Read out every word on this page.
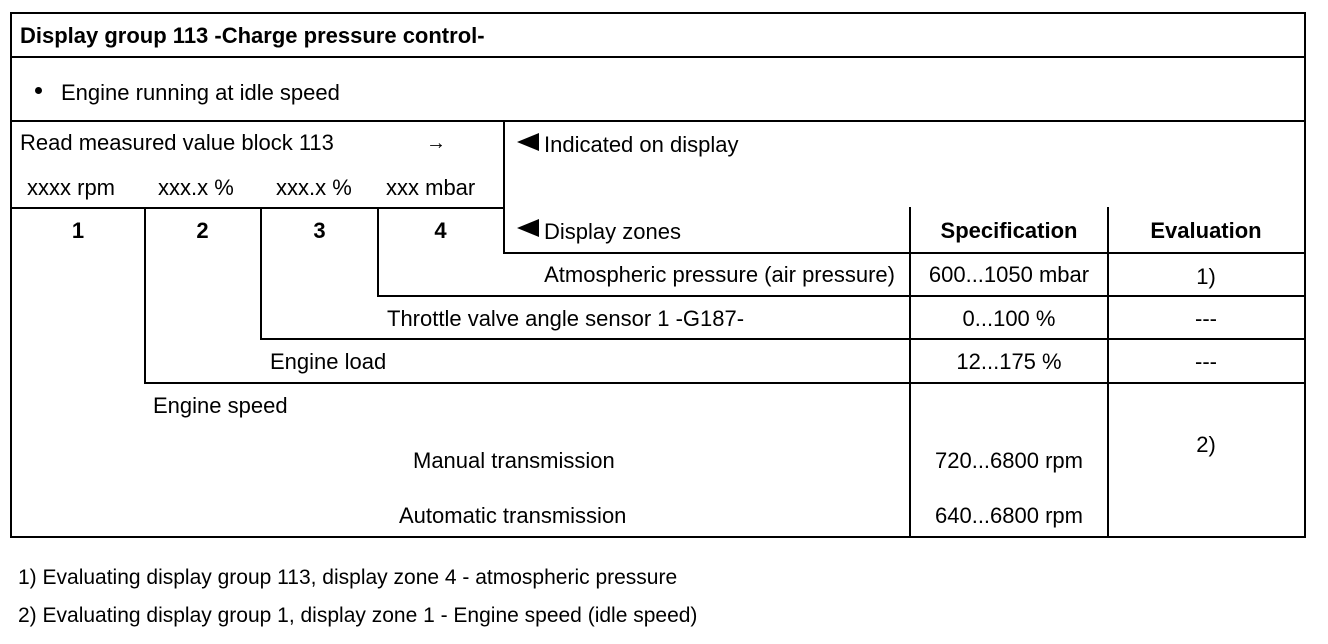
Display group 113 -Charge pressure control-
Engine running at idle speed
Read measured value block 113	→
xxxx rpm xxx.x % xxx.x % xxx mbar
Indicated on display
1	2	3	4	Display zones	Specification	Evaluation
Atmospheric pressure (air pressure)	600...1050 mbar	1)
Throttle valve angle sensor 1 -G187-	0...100 %	---
Engine load	12...175 %	---
Engine speed
Manual transmission	720...6800 rpm
Automatic transmission	640...6800 rpm
2)
1) Evaluating display group 113, display zone 4 - atmospheric pressure
2) Evaluating display group 1, display zone 1 - Engine speed (idle speed)
